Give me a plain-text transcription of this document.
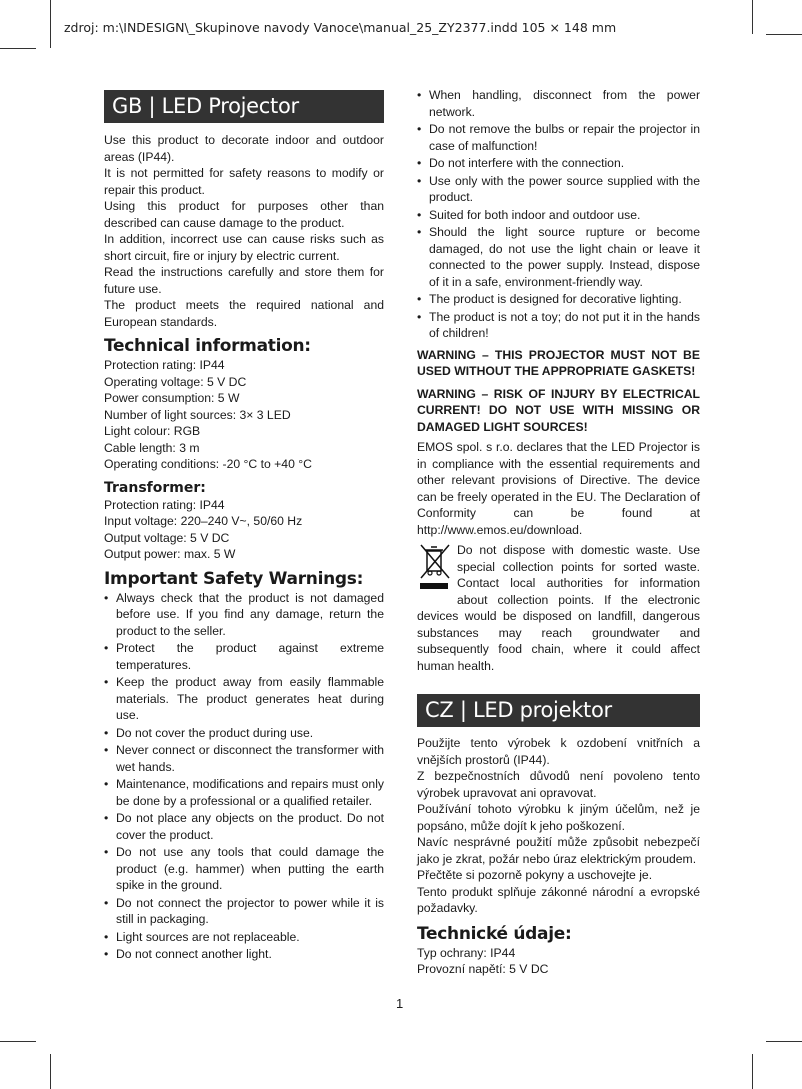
zdroj: m:\INDESIGN\_Skupinove navody Vanoce\manual_25_ZY2377.indd 105 × 148 mm
GB | LED Projector

Use this product to decorate indoor and outdoor areas (IP44).

It is not permitted for safety reasons to modify or repair this product.

Using this product for purposes other than described can cause damage to the product.

In addition, incorrect use can cause risks such as short circuit, fire or injury by electric current.

Read the instructions carefully and store them for future use.

The product meets the required national and European standards.

Technical information:

Protection rating: IP44

Operating voltage: 5 V DC

Power consumption: 5 W

Number of light sources: 3× 3 LED

Light colour: RGB

Cable length: 3 m

Operating conditions: -20 °C to +40 °C

Transformer:

Protection rating: IP44

Input voltage: 220–240 V~, 50/60 Hz

Output voltage: 5 V DC

Output power: max. 5 W

Important Safety Warnings:
• Always check that the product is not damaged before use. If you find any damage, return the product to the seller.
• Protect the product against extreme temperatures.
• Keep the product away from easily flammable materials. The product generates heat during use.
• Do not cover the product during use.
• Never connect or disconnect the transformer with wet hands.
• Maintenance, modifications and repairs must only be done by a professional or a qualified retailer.
• Do not place any objects on the product. Do not cover the product.
• Do not use any tools that could damage the product (e.g. hammer) when putting the earth spike in the ground.
• Do not connect the projector to power while it is still in packaging.
• Light sources are not replaceable.
• Do not connect another light.
• When handling, disconnect from the power network.
• Do not remove the bulbs or repair the projector in case of malfunction!
• Do not interfere with the connection.
• Use only with the power source supplied with the product.
• Suited for both indoor and outdoor use.
• Should the light source rupture or become damaged, do not use the light chain or leave it connected to the power supply. Instead, dispose of it in a safe, environment-friendly way.
• The product is designed for decorative lighting.
• The product is not a toy; do not put it in the hands of children!

WARNING – THIS PROJECTOR MUST NOT BE USED WITHOUT THE APPROPRIATE GASKETS!

WARNING – RISK OF INJURY BY ELECTRICAL CURRENT! DO NOT USE WITH MISSING OR DAMAGED LIGHT SOURCES!

EMOS spol. s r.o. declares that the LED Projector is in compliance with the essential requirements and other relevant provisions of Directive. The device can be freely operated in the EU. The Declaration of Conformity can be found at http://www.emos.eu/download.

Do not dispose with domestic waste. Use special collection points for sorted waste. Contact local authorities for information about collection points. If the electronic devices would be disposed on landfill, dangerous substances may reach groundwater and subsequently food chain, where it could affect human health.

CZ | LED projektor

Použijte tento výrobek k ozdobení vnitřních a vnějších prostorů (IP44).

Z bezpečnostních důvodů není povoleno tento výrobek upravovat ani opravovat.

Používání tohoto výrobku k jiným účelům, než je popsáno, může dojít k jeho poškození.

Navíc nesprávné použití může způsobit nebezpečí jako je zkrat, požár nebo úraz elektrickým proudem.

Přečtěte si pozorně pokyny a uschovejte je.

Tento produkt splňuje zákonné národní a evropské požadavky.

Technické údaje:

Typ ochrany: IP44

Provozní napětí: 5 V DC

1
